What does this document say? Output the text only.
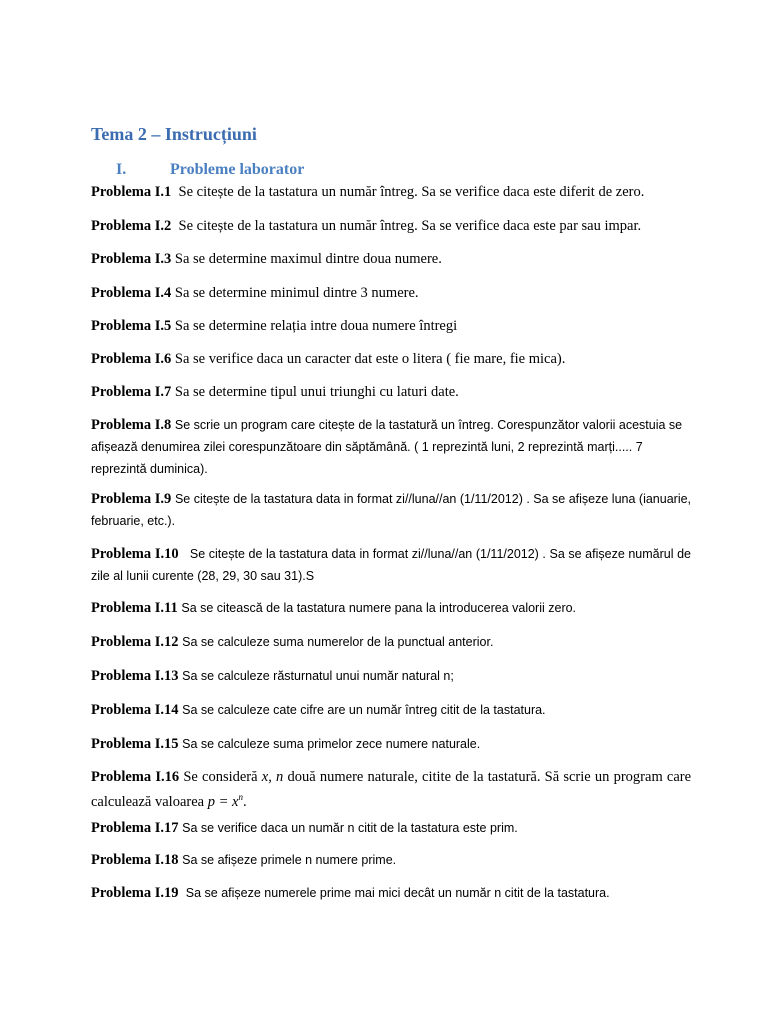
Tema 2 – Instrucțiuni
I.	Probleme laborator
Problema I.1 Se citește de la tastatura un număr întreg. Sa se verifice daca este diferit de zero.
Problema I.2 Se citește de la tastatura un număr întreg. Sa se verifice daca este par sau impar.
Problema I.3 Sa se determine maximul dintre doua numere.
Problema I.4 Sa se determine minimul dintre 3 numere.
Problema I.5 Sa se determine relația intre doua numere întregi
Problema I.6 Sa se verifice daca un caracter dat este o litera ( fie mare, fie mica).
Problema I.7 Sa se determine tipul unui triunghi cu laturi date.
Problema I.8 Se scrie un program care citește de la tastatură un întreg. Corespunzător valorii acestuia se afișează denumirea zilei corespunzătoare din săptămână. ( 1 reprezintă luni, 2 reprezintă marți..... 7 reprezintă duminica).
Problema I.9 Se citește de la tastatura data in format zi//luna//an (1/11/2012) . Sa se afișeze luna (ianuarie, februarie, etc.).
Problema I.10 Se citește de la tastatura data in format zi//luna//an (1/11/2012) . Sa se afișeze numărul de zile al lunii curente (28, 29, 30 sau 31).S
Problema I.11 Sa se citească de la tastatura numere pana la introducerea valorii zero.
Problema I.12 Sa se calculeze suma numerelor de la punctual anterior.
Problema I.13 Sa se calculeze răsturnatul unui număr natural n;
Problema I.14 Sa se calculeze cate cifre are un număr întreg citit de la tastatura.
Problema I.15 Sa se calculeze suma primelor zece numere naturale.
Problema I.16 Se consideră x, n două numere naturale, citite de la tastatură. Să scrie un program care calculează valoarea $p = x^n$.
Problema I.17 Sa se verifice daca un număr n citit de la tastatura este prim.
Problema I.18 Sa se afișeze primele n numere prime.
Problema I.19 Sa se afișeze numerele prime mai mici decât un număr n citit de la tastatura.
